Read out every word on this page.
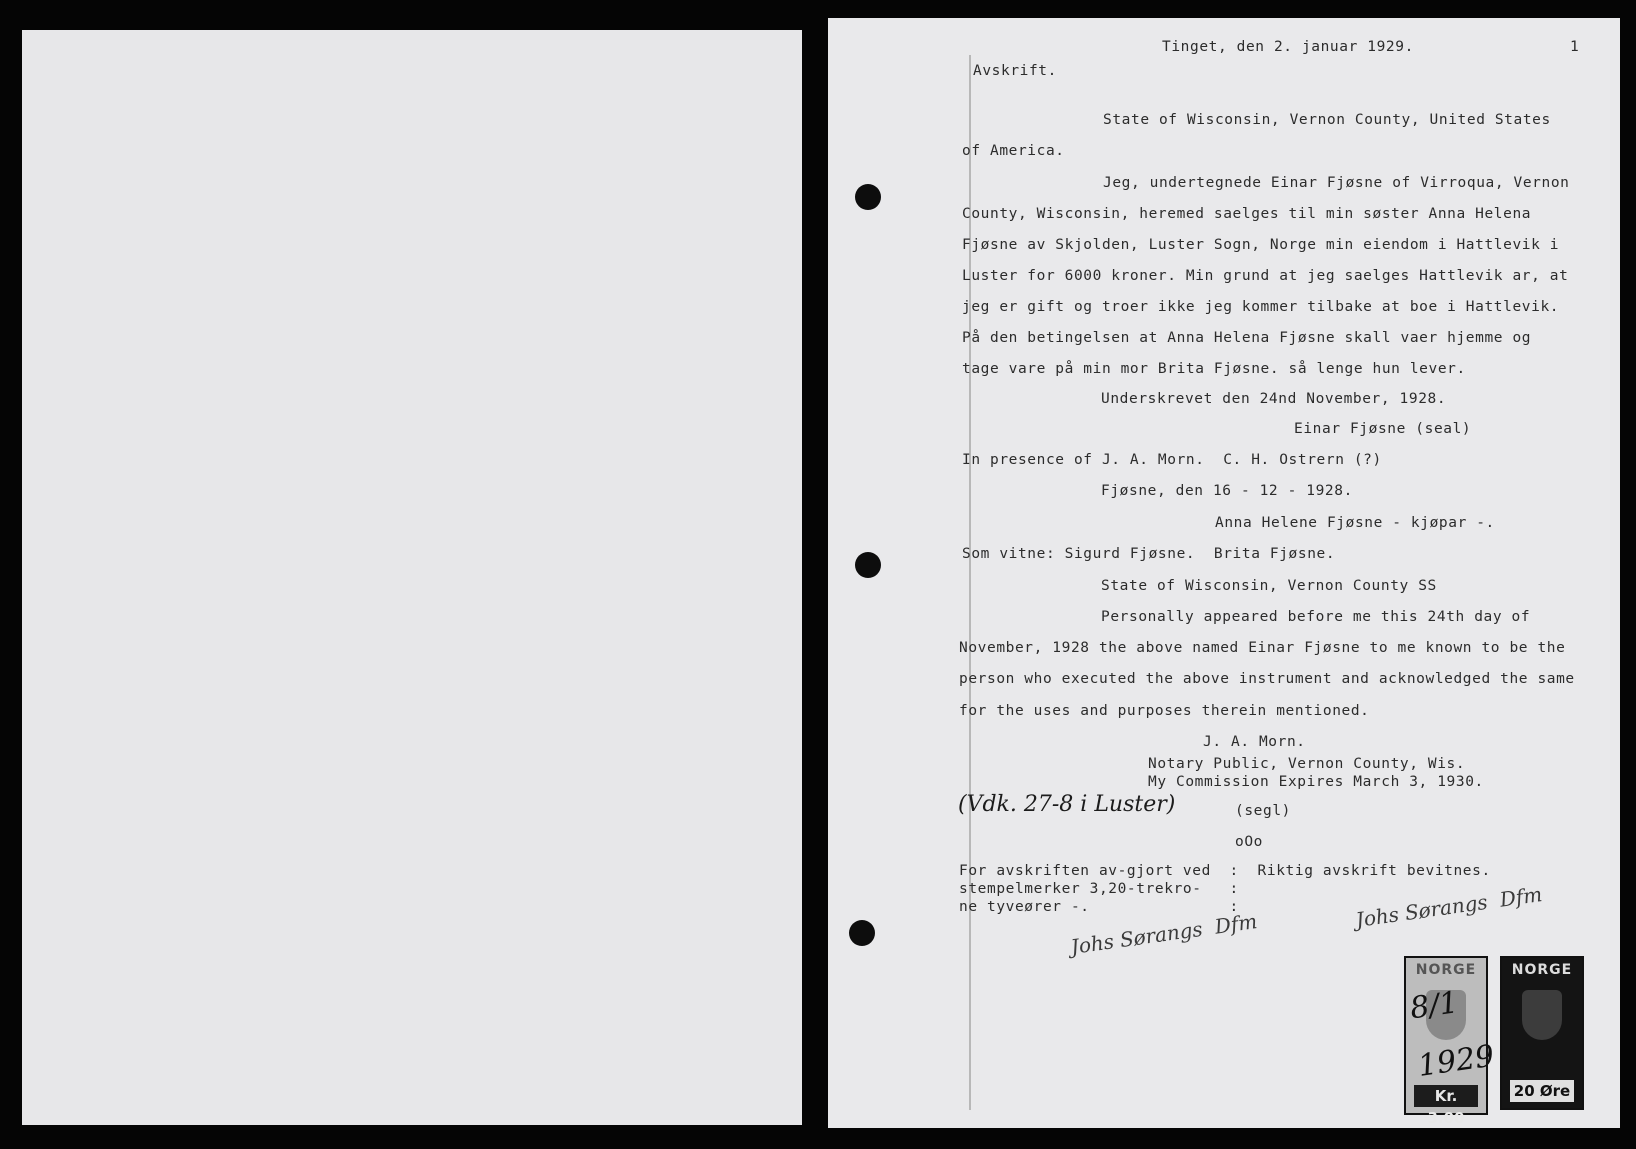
1
Tinget, den 2. januar 1929.
Avskrift.
State of Wisconsin, Vernon County, United States
of America.
Jeg, undertegnede Einar Fjøsne of Virroqua, Vernon
County, Wisconsin, heremed saelges til min søster Anna Helena
Fjøsne av Skjolden, Luster Sogn, Norge min eiendom i Hattlevik i
Luster for 6000 kroner. Min grund at jeg saelges Hattlevik ar, at
jeg er gift og troer ikke jeg kommer tilbake at boe i Hattlevik.
På den betingelsen at Anna Helena Fjøsne skall vaer hjemme og
tage vare på min mor Brita Fjøsne. så lenge hun lever.
Underskrevet den 24nd November, 1928.
Einar Fjøsne (seal)
In presence of J. A. Morn.  C. H. Ostrern (?)
Fjøsne, den 16 - 12 - 1928.
Anna Helene Fjøsne - kjøpar -.
Som vitne: Sigurd Fjøsne.  Brita Fjøsne.
State of Wisconsin, Vernon County SS
Personally appeared before me this 24th day of
November, 1928 the above named Einar Fjøsne to me known to be the
person who executed the above instrument and acknowledged the same
for the uses and purposes therein mentioned.
J. A. Morn.
Notary Public, Vernon County, Wis.
My Commission Expires March 3, 1930.
(Vdk. 27-8 i Luster)	(segl)
oOo
For avskriften av-gjort ved  :  Riktig avskrift bevitnes.
stempelmerker 3,20-trekro-   :
ne tyveører -.               :
Johs Sørangs  Dfm
Johs Sørangs  Dfm
NORGE
Kr. 3.00
8/1
1929
NORGE
20 Øre
